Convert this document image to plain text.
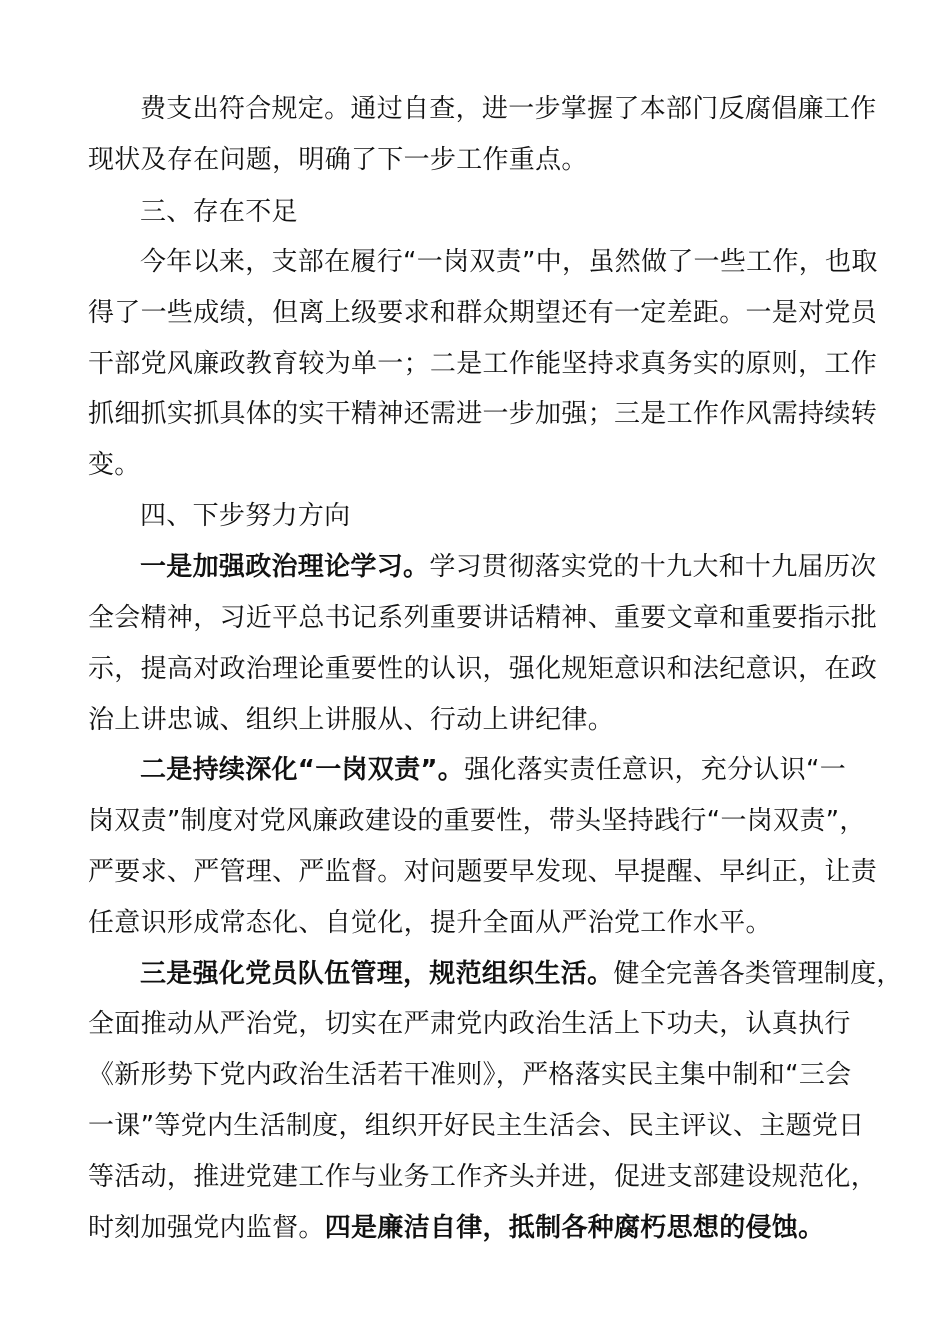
费支出符合规定。通过自查，进一步掌握了本部门反腐倡廉工作
现状及存在问题，明确了下一步工作重点。
三、存在不足
今年以来，支部在履行“一岗双责”中，虽然做了一些工作，也取
得了一些成绩，但离上级要求和群众期望还有一定差距。一是对党员
干部党风廉政教育较为单一；二是工作能坚持求真务实的原则，工作
抓细抓实抓具体的实干精神还需进一步加强；三是工作作风需持续转
变。
四、下步努力方向
一是加强政治理论学习。学习贯彻落实党的十九大和十九届历次
全会精神，习近平总书记系列重要讲话精神、重要文章和重要指示批
示，提高对政治理论重要性的认识，强化规矩意识和法纪意识，在政
治上讲忠诚、组织上讲服从、行动上讲纪律。
二是持续深化“一岗双责”。强化落实责任意识，充分认识“一
岗双责”制度对党风廉政建设的重要性，带头坚持践行“一岗双责”，
严要求、严管理、严监督。对问题要早发现、早提醒、早纠正，让责
任意识形成常态化、自觉化，提升全面从严治党工作水平。
三是强化党员队伍管理，规范组织生活。健全完善各类管理制度，
全面推动从严治党，切实在严肃党内政治生活上下功夫，认真执行
《新形势下党内政治生活若干准则》，严格落实民主集中制和“三会
一课”等党内生活制度，组织开好民主生活会、民主评议、主题党日
等活动，推进党建工作与业务工作齐头并进，促进支部建设规范化，
时刻加强党内监督。四是廉洁自律，抵制各种腐朽思想的侵蚀。
